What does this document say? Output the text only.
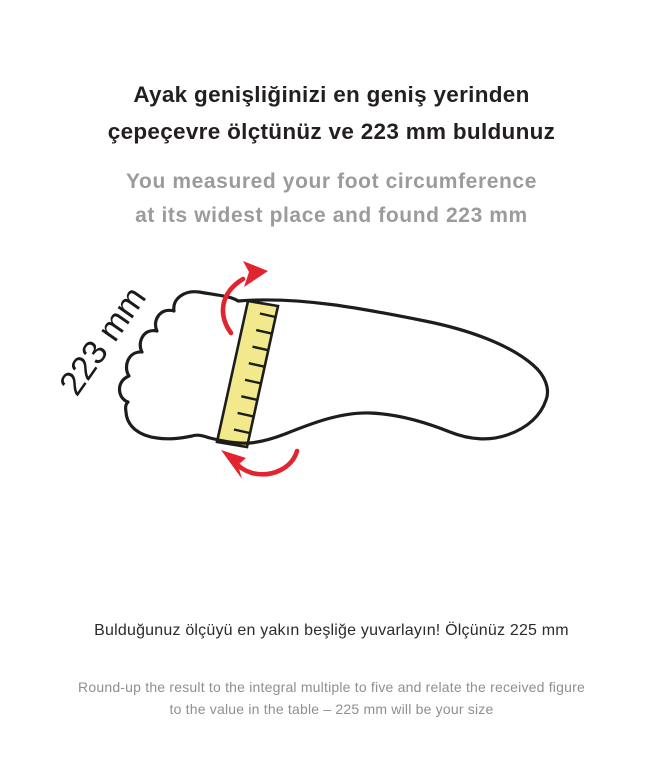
Ayak genişliğinizi en geniş yerinden
çepeçevre ölçtünüz ve 223 mm buldunuz
You measured your foot circumference
at its widest place and found 223 mm
223 mm
Bulduğunuz ölçüyü en yakın beşliğe yuvarlayın! Ölçünüz 225 mm
Round-up the result to the integral multiple to five and relate the received figure
to the value in the table – 225 mm will be your size
